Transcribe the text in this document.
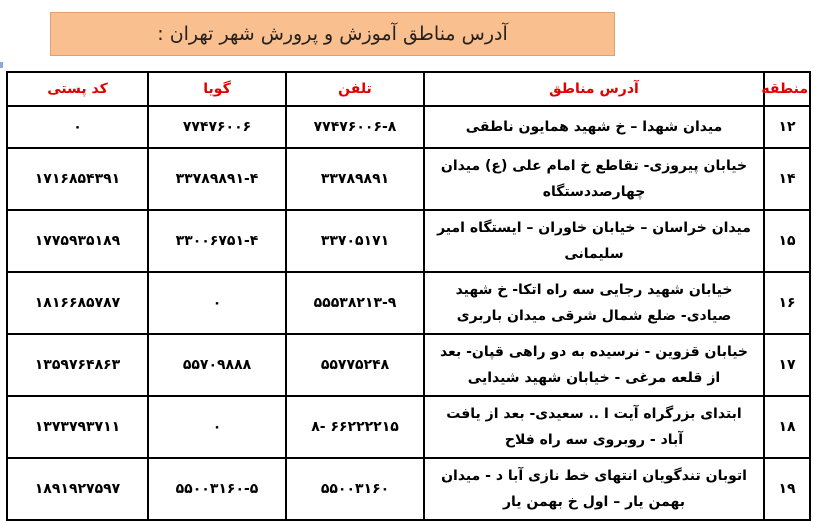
آدرس مناطق آموزش و پرورش شهر تهران :
منطقه	آدرس مناطق	تلفن	گویا	کد پستی
۱۲	میدان شهدا – خ شهید همایون ناطقی	۷۷۴۷۶۰۰۶-۸	۷۷۴۷۶۰۰۶	۰
۱۴	خیابان پیروزی- تقاطع خ امام علی (ع) میدان چهارصددستگاه	۳۳۷۸۹۸۹۱	۳۳۷۸۹۸۹۱-۴	۱۷۱۶۸۵۴۳۹۱
۱۵	میدان خراسان – خیابان خاوران – ایستگاه امیر سلیمانی	۳۳۷۰۵۱۷۱	۳۳۰۰۶۷۵۱-۴	۱۷۷۵۹۳۵۱۸۹
۱۶	خیابان شهید رجایی سه راه اتکا- خ شهید صیادی- ضلع شمال شرقی میدان باربری	۵۵۵۳۸۲۱۳-۹	۰	۱۸۱۶۶۸۵۷۸۷
۱۷	خیابان قزوین - نرسیده به دو راهی قپان- بعد از قلعه مرغی - خیابان شهید شیدایی	۵۵۷۷۵۲۴۸	۵۵۷۰۹۸۸۸	۱۳۵۹۷۶۴۸۶۳
۱۸	ابتدای بزرگراه آیت ا .. سعیدی- بعد از یافت آباد - روبروی سه راه فلاح	۶۶۲۲۲۲۱۵ -۸	۰	۱۳۷۳۷۹۳۷۱۱
۱۹	اتوبان تندگویان انتهای خط نازی آبا د - میدان بهمن یار – اول خ بهمن یار	۵۵۰۰۳۱۶۰	۵۵۰۰۳۱۶۰-۵	۱۸۹۱۹۲۷۵۹۷
